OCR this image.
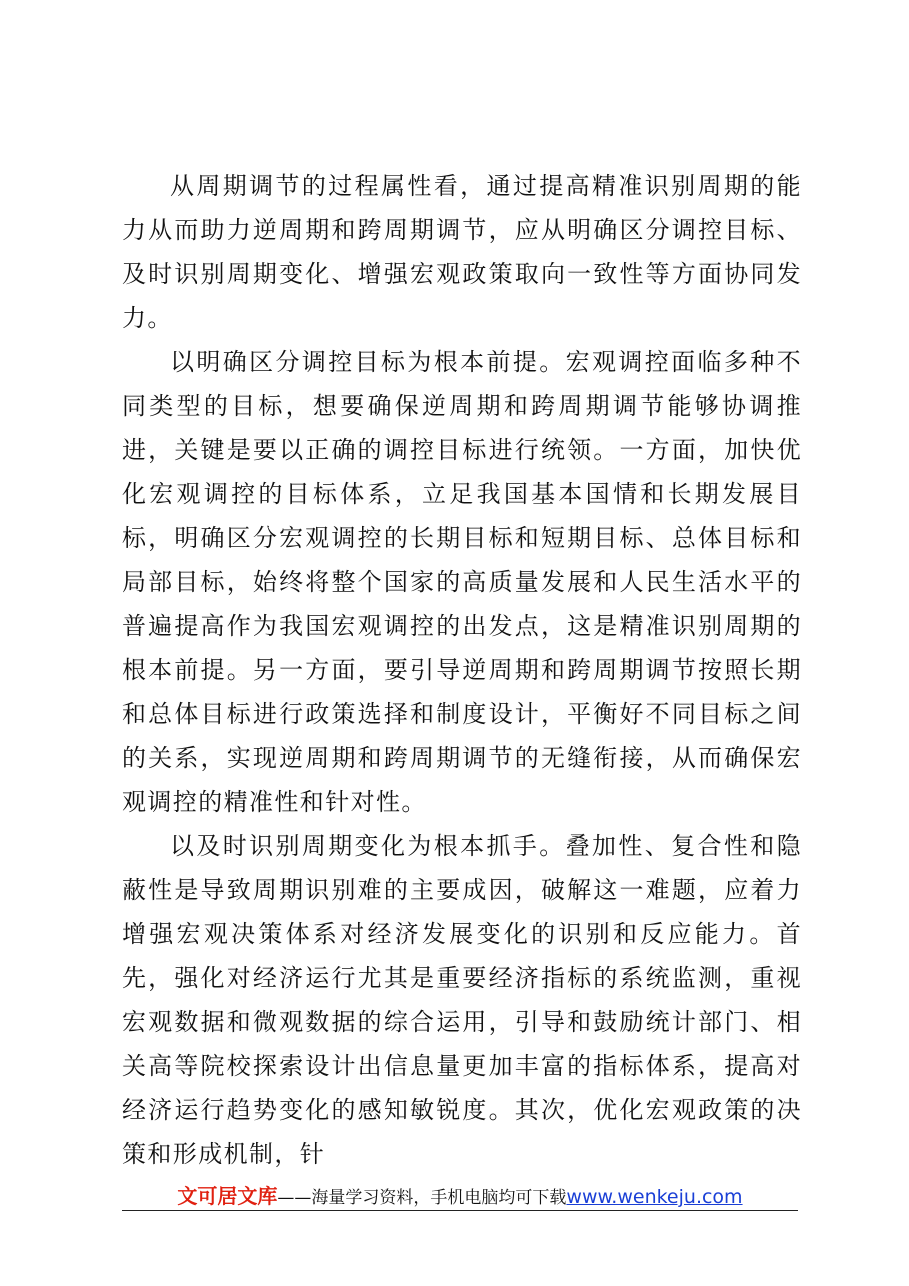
从周期调节的过程属性看，通过提高精准识别周期的能力从而助力逆周期和跨周期调节，应从明确区分调控目标、及时识别周期变化、增强宏观政策取向一致性等方面协同发力。

以明确区分调控目标为根本前提。宏观调控面临多种不同类型的目标，想要确保逆周期和跨周期调节能够协调推进，关键是要以正确的调控目标进行统领。一方面，加快优化宏观调控的目标体系，立足我国基本国情和长期发展目标，明确区分宏观调控的长期目标和短期目标、总体目标和局部目标，始终将整个国家的高质量发展和人民生活水平的普遍提高作为我国宏观调控的出发点，这是精准识别周期的根本前提。另一方面，要引导逆周期和跨周期调节按照长期和总体目标进行政策选择和制度设计，平衡好不同目标之间的关系，实现逆周期和跨周期调节的无缝衔接，从而确保宏观调控的精准性和针对性。

以及时识别周期变化为根本抓手。叠加性、复合性和隐蔽性是导致周期识别难的主要成因，破解这一难题，应着力增强宏观决策体系对经济发展变化的识别和反应能力。首先，强化对经济运行尤其是重要经济指标的系统监测，重视宏观数据和微观数据的综合运用，引导和鼓励统计部门、相关高等院校探索设计出信息量更加丰富的指标体系，提高对经济运行趋势变化的感知敏锐度。其次，优化宏观政策的决策和形成机制，针

文可居文库——海量学习资料，手机电脑均可下载www.wenkeju.com
